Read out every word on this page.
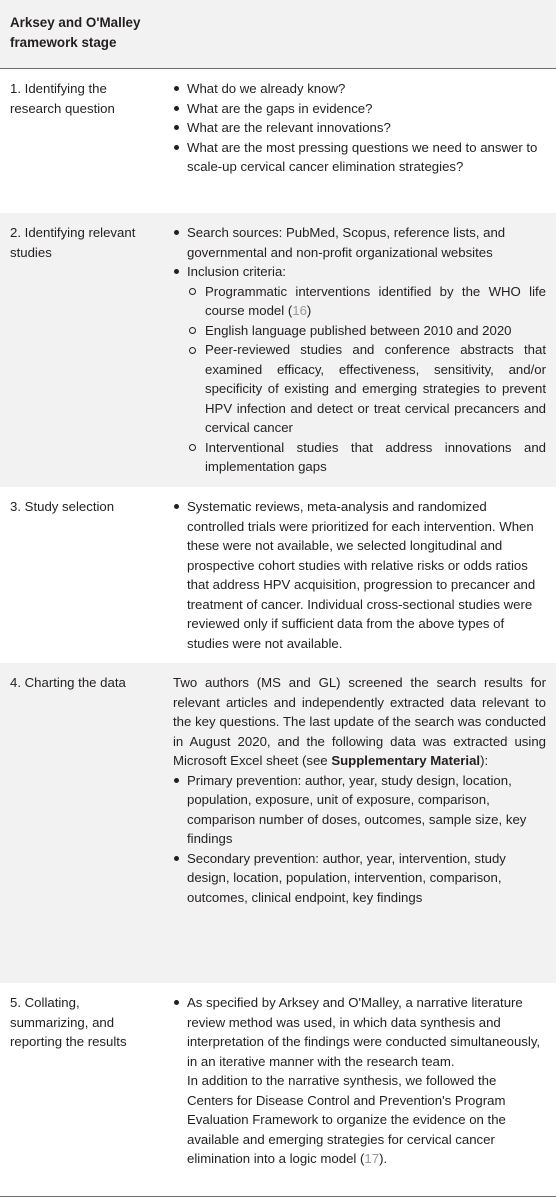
Arksey and O'Malley framework stage
1. Identifying the research question
What do we already know?
What are the gaps in evidence?
What are the relevant innovations?
What are the most pressing questions we need to answer to scale-up cervical cancer elimination strategies?
2. Identifying relevant studies
Search sources: PubMed, Scopus, reference lists, and governmental and non-profit organizational websites
Inclusion criteria:
Programmatic interventions identified by the WHO life course model (16)
English language published between 2010 and 2020
Peer-reviewed studies and conference abstracts that examined efficacy, effectiveness, sensitivity, and/or specificity of existing and emerging strategies to prevent HPV infection and detect or treat cervical precancers and cervical cancer
Interventional studies that address innovations and implementation gaps
3. Study selection	Systematic reviews, meta-analysis and randomized controlled trials were prioritized for each intervention. When these were not available, we selected longitudinal and prospective cohort studies with relative risks or odds ratios that address HPV acquisition, progression to precancer and treatment of cancer. Individual cross-sectional studies were reviewed only if sufficient data from the above types of studies were not available.
4. Charting the data	Two authors (MS and GL) screened the search results for relevant articles and independently extracted data relevant to the key questions. The last update of the search was conducted in August 2020, and the following data was extracted using Microsoft Excel sheet (see Supplementary Material):

Primary prevention: author, year, study design, location, population, exposure, unit of exposure, comparison, comparison number of doses, outcomes, sample size, key findings
Secondary prevention: author, year, intervention, study design, location, population, intervention, comparison, outcomes, clinical endpoint, key findings
5. Collating, summarizing, and reporting the results
As specified by Arksey and O'Malley, a narrative literature review method was used, in which data synthesis and interpretation of the findings were conducted simultaneously, in an iterative manner with the research team.
In addition to the narrative synthesis, we followed the Centers for Disease Control and Prevention's Program Evaluation Framework to organize the evidence on the available and emerging strategies for cervical cancer elimination into a logic model (17).
